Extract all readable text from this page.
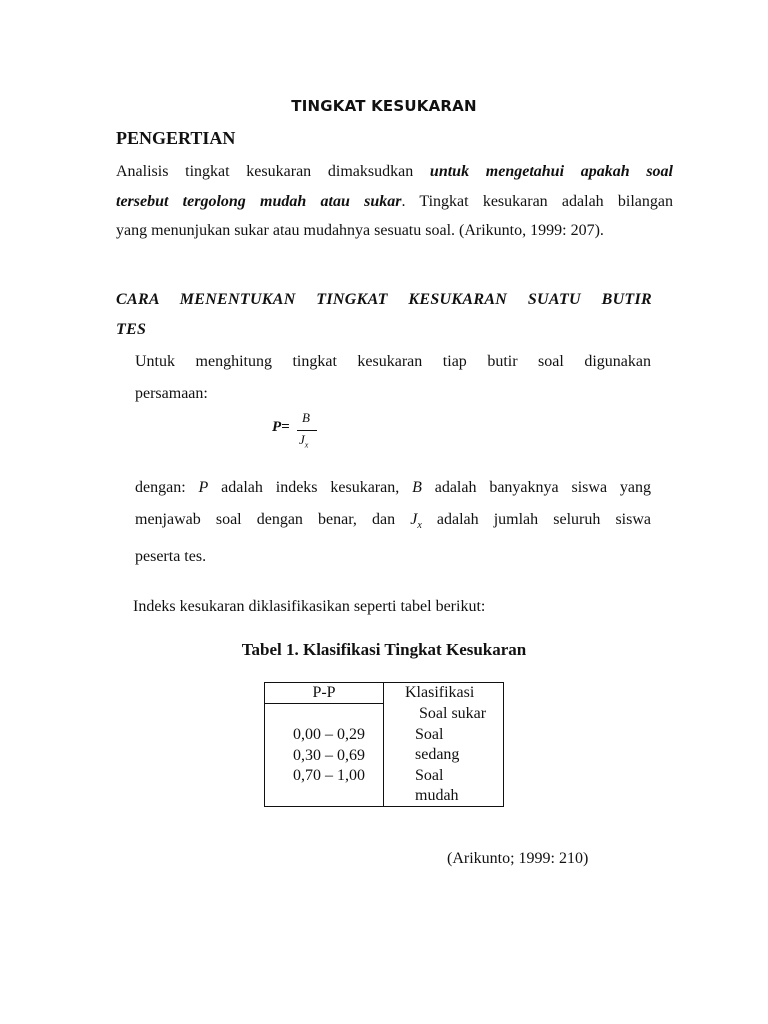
TINGKAT KESUKARAN
PENGERTIAN
Analisis tingkat kesukaran dimaksudkan untuk mengetahui apakah soal
tersebut tergolong mudah atau sukar. Tingkat kesukaran adalah bilangan
yang menunjukan sukar atau mudahnya sesuatu soal. (Arikunto, 1999: 207).
CARA MENENTUKAN TINGKAT KESUKARAN SUATU BUTIR
TES
Untuk menghitung tingkat kesukaran tiap butir soal digunakan
persamaan:
P=
B
$J_x$
dengan: P adalah indeks kesukaran, B adalah banyaknya siswa yang
menjawab soal dengan benar, dan $J_x$ adalah jumlah seluruh siswa
peserta tes.
Indeks kesukaran diklasifikasikan seperti tabel berikut:
Tabel 1. Klasifikasi Tingkat Kesukaran
P-P	Klasifikasi
0,00 – 0,29
0,30 – 0,69
0,70 – 1,00
Soal sukar
Soal
sedang
Soal
mudah
(Arikunto; 1999: 210)
